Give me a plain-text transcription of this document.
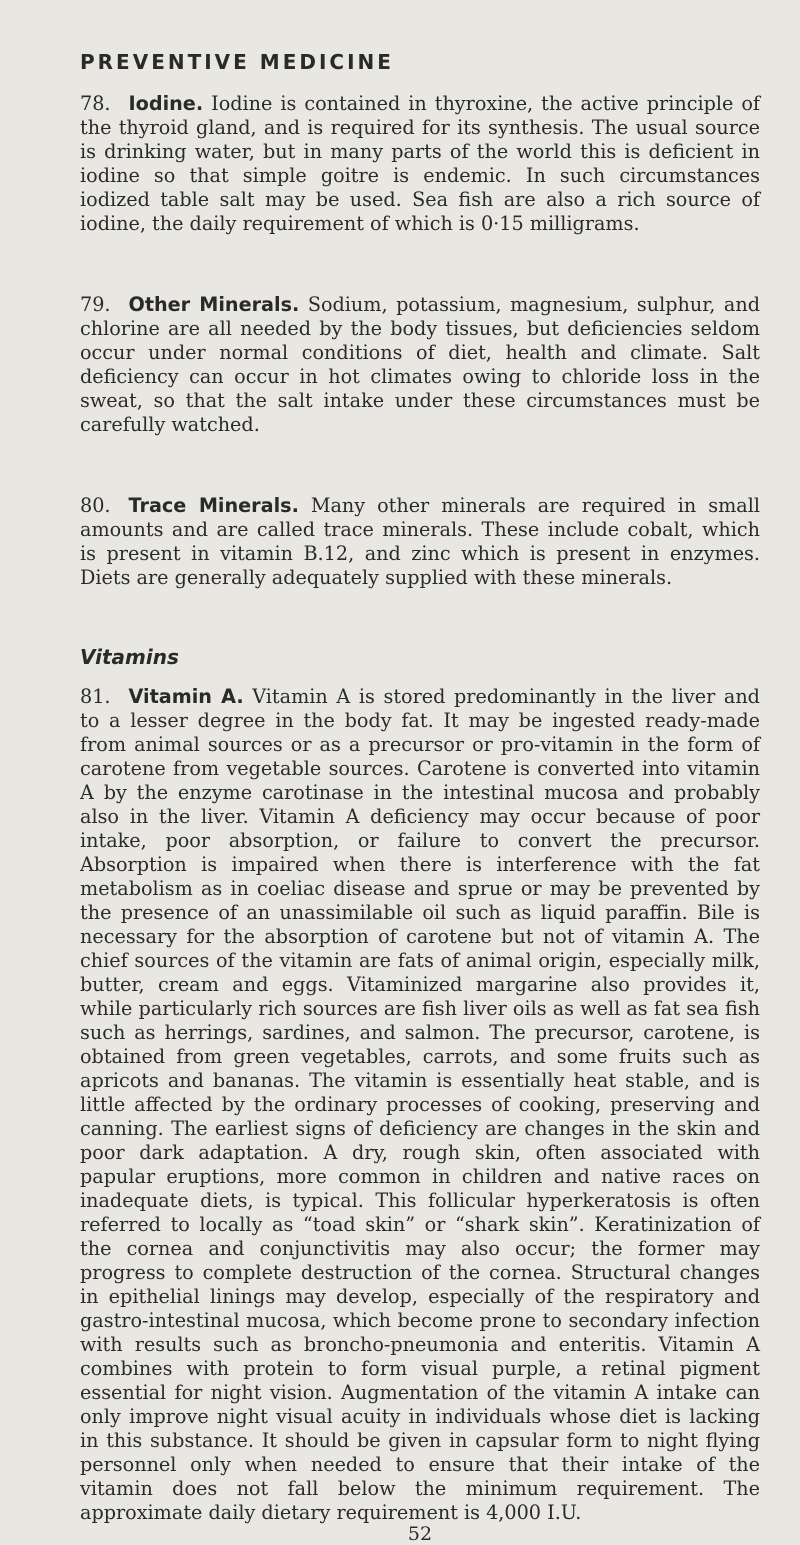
PREVENTIVE MEDICINE

78. Iodine. Iodine is contained in thyroxine, the active principle of the thyroid gland, and is required for its synthesis. The usual source is drinking water, but in many parts of the world this is deficient in iodine so that simple goitre is endemic. In such circumstances iodized table salt may be used. Sea fish are also a rich source of iodine, the daily requirement of which is 0·15 milligrams.

79. Other Minerals. Sodium, potassium, magnesium, sulphur, and chlorine are all needed by the body tissues, but deficiencies seldom occur under normal conditions of diet, health and climate. Salt deficiency can occur in hot climates owing to chloride loss in the sweat, so that the salt intake under these circumstances must be carefully watched.

80. Trace Minerals. Many other minerals are required in small amounts and are called trace minerals. These include cobalt, which is present in vitamin B.12, and zinc which is present in enzymes. Diets are generally adequately supplied with these minerals.

Vitamins

81. Vitamin A. Vitamin A is stored predominantly in the liver and to a lesser degree in the body fat. It may be ingested ready-made from animal sources or as a precursor or pro-vitamin in the form of carotene from vegetable sources. Carotene is converted into vitamin A by the enzyme carotinase in the intestinal mucosa and probably also in the liver. Vitamin A deficiency may occur because of poor intake, poor absorption, or failure to convert the precursor. Absorption is impaired when there is interference with the fat metabolism as in coeliac disease and sprue or may be prevented by the presence of an unassimilable oil such as liquid paraffin. Bile is necessary for the absorption of carotene but not of vitamin A. The chief sources of the vitamin are fats of animal origin, especially milk, butter, cream and eggs. Vitaminized margarine also provides it, while particularly rich sources are fish liver oils as well as fat sea fish such as herrings, sardines, and salmon. The precursor, carotene, is obtained from green vegetables, carrots, and some fruits such as apricots and bananas. The vitamin is essentially heat stable, and is little affected by the ordinary processes of cooking, preserving and canning. The earliest signs of deficiency are changes in the skin and poor dark adaptation. A dry, rough skin, often associated with papular eruptions, more common in children and native races on inadequate diets, is typical. This follicular hyperkeratosis is often referred to locally as “toad skin” or “shark skin”. Keratinization of the cornea and conjunctivitis may also occur; the former may progress to complete destruction of the cornea. Structural changes in epithelial linings may develop, especially of the respiratory and gastro-intestinal mucosa, which become prone to secondary infection with results such as broncho-pneumonia and enteritis. Vitamin A combines with protein to form visual purple, a retinal pigment essential for night vision. Augmentation of the vitamin A intake can only improve night visual acuity in individuals whose diet is lacking in this substance. It should be given in capsular form to night flying personnel only when needed to ensure that their intake of the vitamin does not fall below the minimum requirement. The approximate daily dietary requirement is 4,000 I.U.

52
